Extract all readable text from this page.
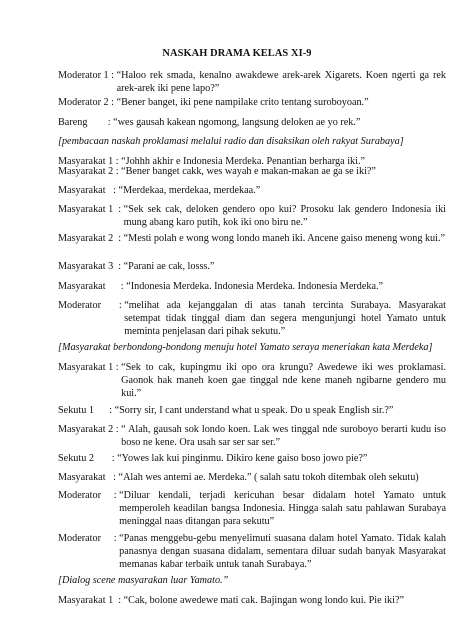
NASKAH DRAMA KELAS XI-9
Moderator 1 : “Haloo rek smada, kenalno awakdewe arek-arek Xigarets. Koen ngerti ga rek arek-arek iki pene lapo?”
Moderator 2 : “Bener banget, iki pene nampilake crito tentang suroboyoan.”
Bareng        : “wes gausah kakean ngomong, langsung deloken ae yo rek.”
[pembacaan naskah proklamasi melalui radio dan disaksikan oleh rakyat Surabaya]
Masyarakat 1 : “Johhh akhir e Indonesia Merdeka. Penantian berharga iki.”
Masyarakat 2 : “Bener banget cakk, wes wayah e makan-makan ae ga se iki?”
Masyarakat   : “Merdekaa, merdekaa, merdekaa.”
Masyarakat 1  : “Sek sek cak, deloken gendero opo kui? Prosoku lak gendero Indonesia iki mung abang karo putih, kok iki ono biru ne.”
Masyarakat 2  : “Mesti polah e wong wong londo maneh iki. Ancene gaiso meneng wong kui.”
Masyarakat 3  : “Parani ae cak, losss.”
Masyarakat      : “Indonesia Merdeka. Indonesia Merdeka. Indonesia Merdeka.”
Moderator       : “melihat ada kejanggalan di atas tanah tercinta Surabaya. Masyarakat setempat tidak tinggal diam dan segera mengunjungi hotel Yamato untuk meminta penjelasan dari pihak sekutu.”
[Masyarakat berbondong-bondong menuju hotel Yamato seraya meneriakan kata Merdeka]
Masyarakat 1 : “Sek to cak, kupingmu iki opo ora krungu? Awedewe iki wes proklamasi. Gaonok hak maneh koen gae tinggal nde kene maneh ngibarne gendero mu kui.”
Sekutu 1      : “Sorry sir, I cant understand what u speak. Do u speak English sir.?”
Masyarakat 2 : “ Alah, gausah sok londo koen. Lak wes tinggal nde suroboyo berarti kudu iso boso ne kene. Ora usah sar ser sar ser.”
Sekutu 2       : “Yowes lak kui pinginmu. Dikiro kene gaiso boso jowo pie?”
Masyarakat   : “Alah wes antemi ae. Merdeka.” ( salah satu tokoh ditembak oleh sekutu)
Moderator     : “Diluar kendali, terjadi kericuhan besar didalam hotel Yamato untuk memperoleh keadilan bangsa Indonesia. Hingga salah satu pahlawan Surabaya meninggal naas ditangan para sekutu”
Moderator     : “Panas menggebu-gebu menyelimuti suasana dalam hotel Yamato. Tidak kalah panasnya dengan suasana didalam, sementara diluar sudah banyak Masyarakat memanas kabar terbaik untuk tanah Surabaya.”
[Dialog scene masyarakan luar Yamato.”
Masyarakat 1  : “Cak, bolone awedewe mati cak. Bajingan wong londo kui. Pie iki?”
